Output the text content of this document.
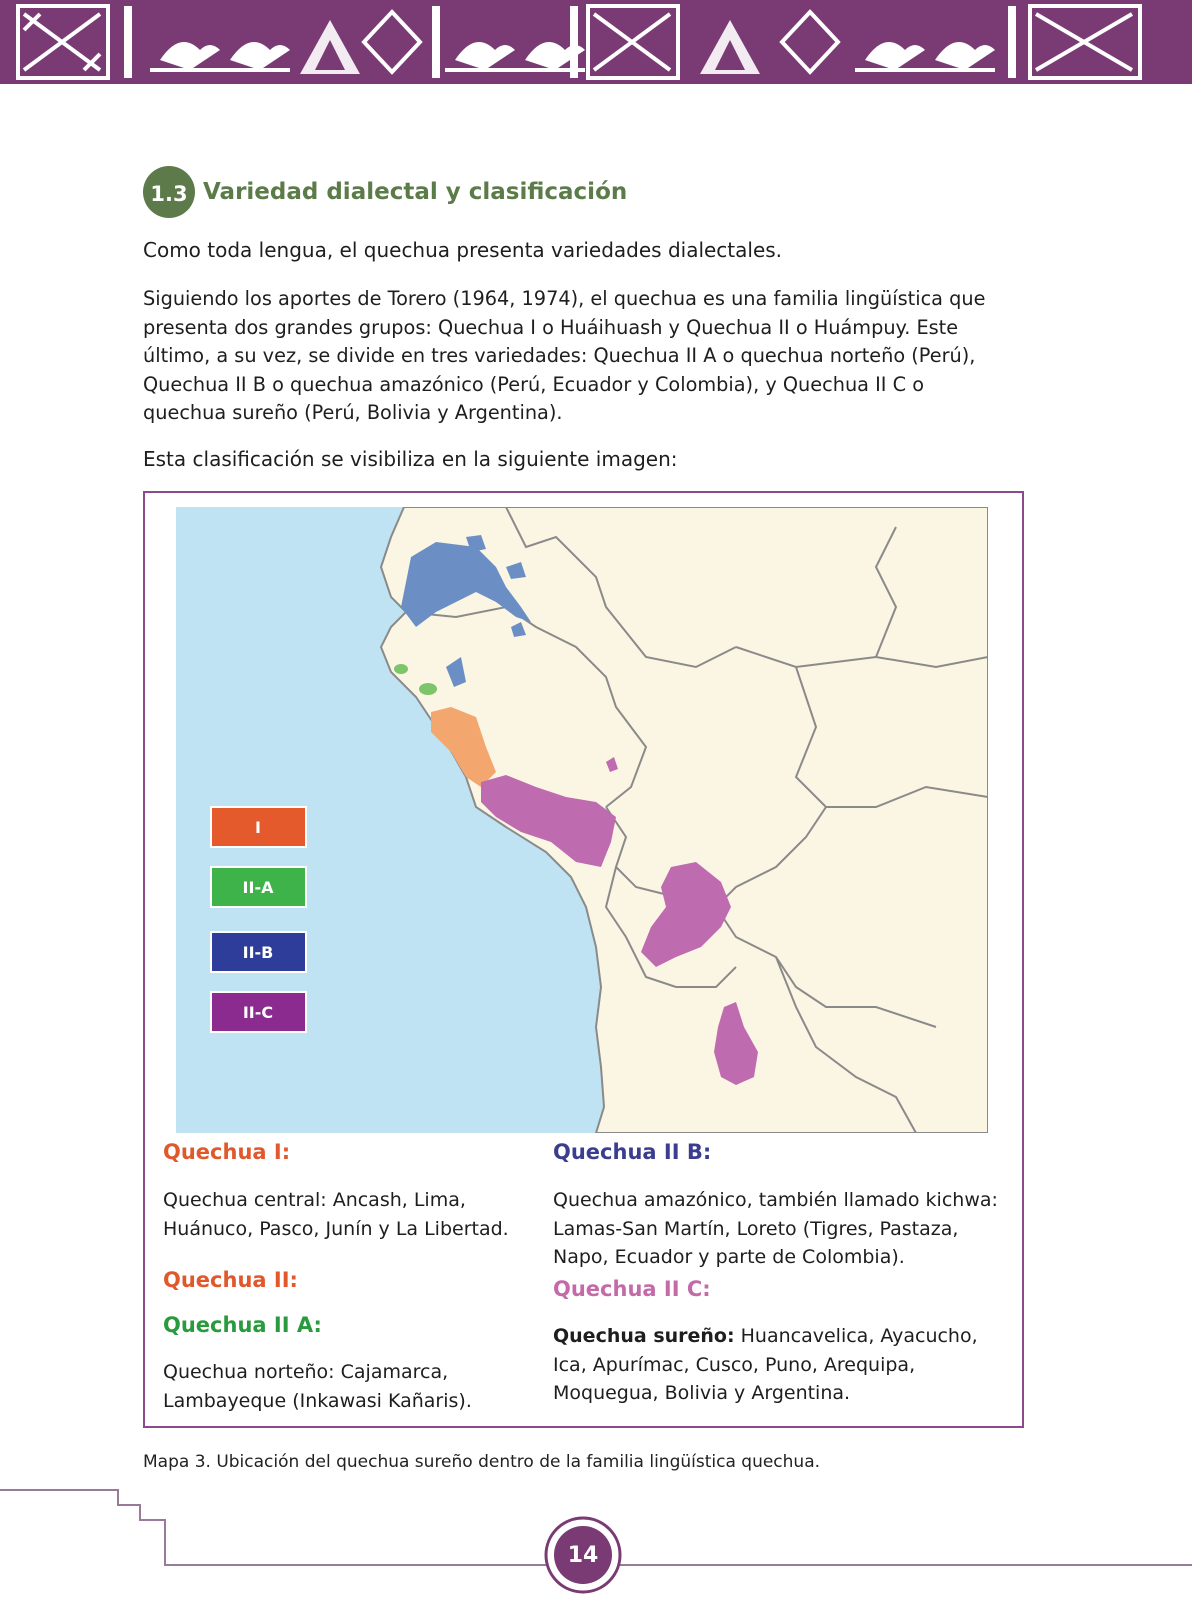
1.3 Variedad dialectal y clasificación

Como toda lengua, el quechua presenta variedades dialectales.

Siguiendo los aportes de Torero (1964, 1974), el quechua es una familia lingüística que presenta dos grandes grupos: Quechua I o Huáihuash y Quechua II o Huámpuy. Este último, a su vez, se divide en tres variedades: Quechua II A o quechua norteño (Perú), Quechua II B o quechua amazónico (Perú, Ecuador y Colombia), y Quechua II C o quechua sureño (Perú, Bolivia y Argentina).

Esta clasificación se visibiliza en la siguiente imagen:

I
II-A
II-B
II-C
Quechua I:
Quechua central: Ancash, Lima, Huánuco, Pasco, Junín y La Libertad.
Quechua II:
Quechua II A:
Quechua norteño: Cajamarca, Lambayeque (Inkawasi Kañaris).
Quechua II B:
Quechua amazónico, también llamado kichwa: Lamas-San Martín, Loreto (Tigres, Pastaza, Napo, Ecuador y parte de Colombia).
Quechua II C:
Quechua sureño: Huancavelica, Ayacucho, Ica, Apurímac, Cusco, Puno, Arequipa, Moquegua, Bolivia y Argentina.
Mapa 3. Ubicación del quechua sureño dentro de la familia lingüística quechua.
14
